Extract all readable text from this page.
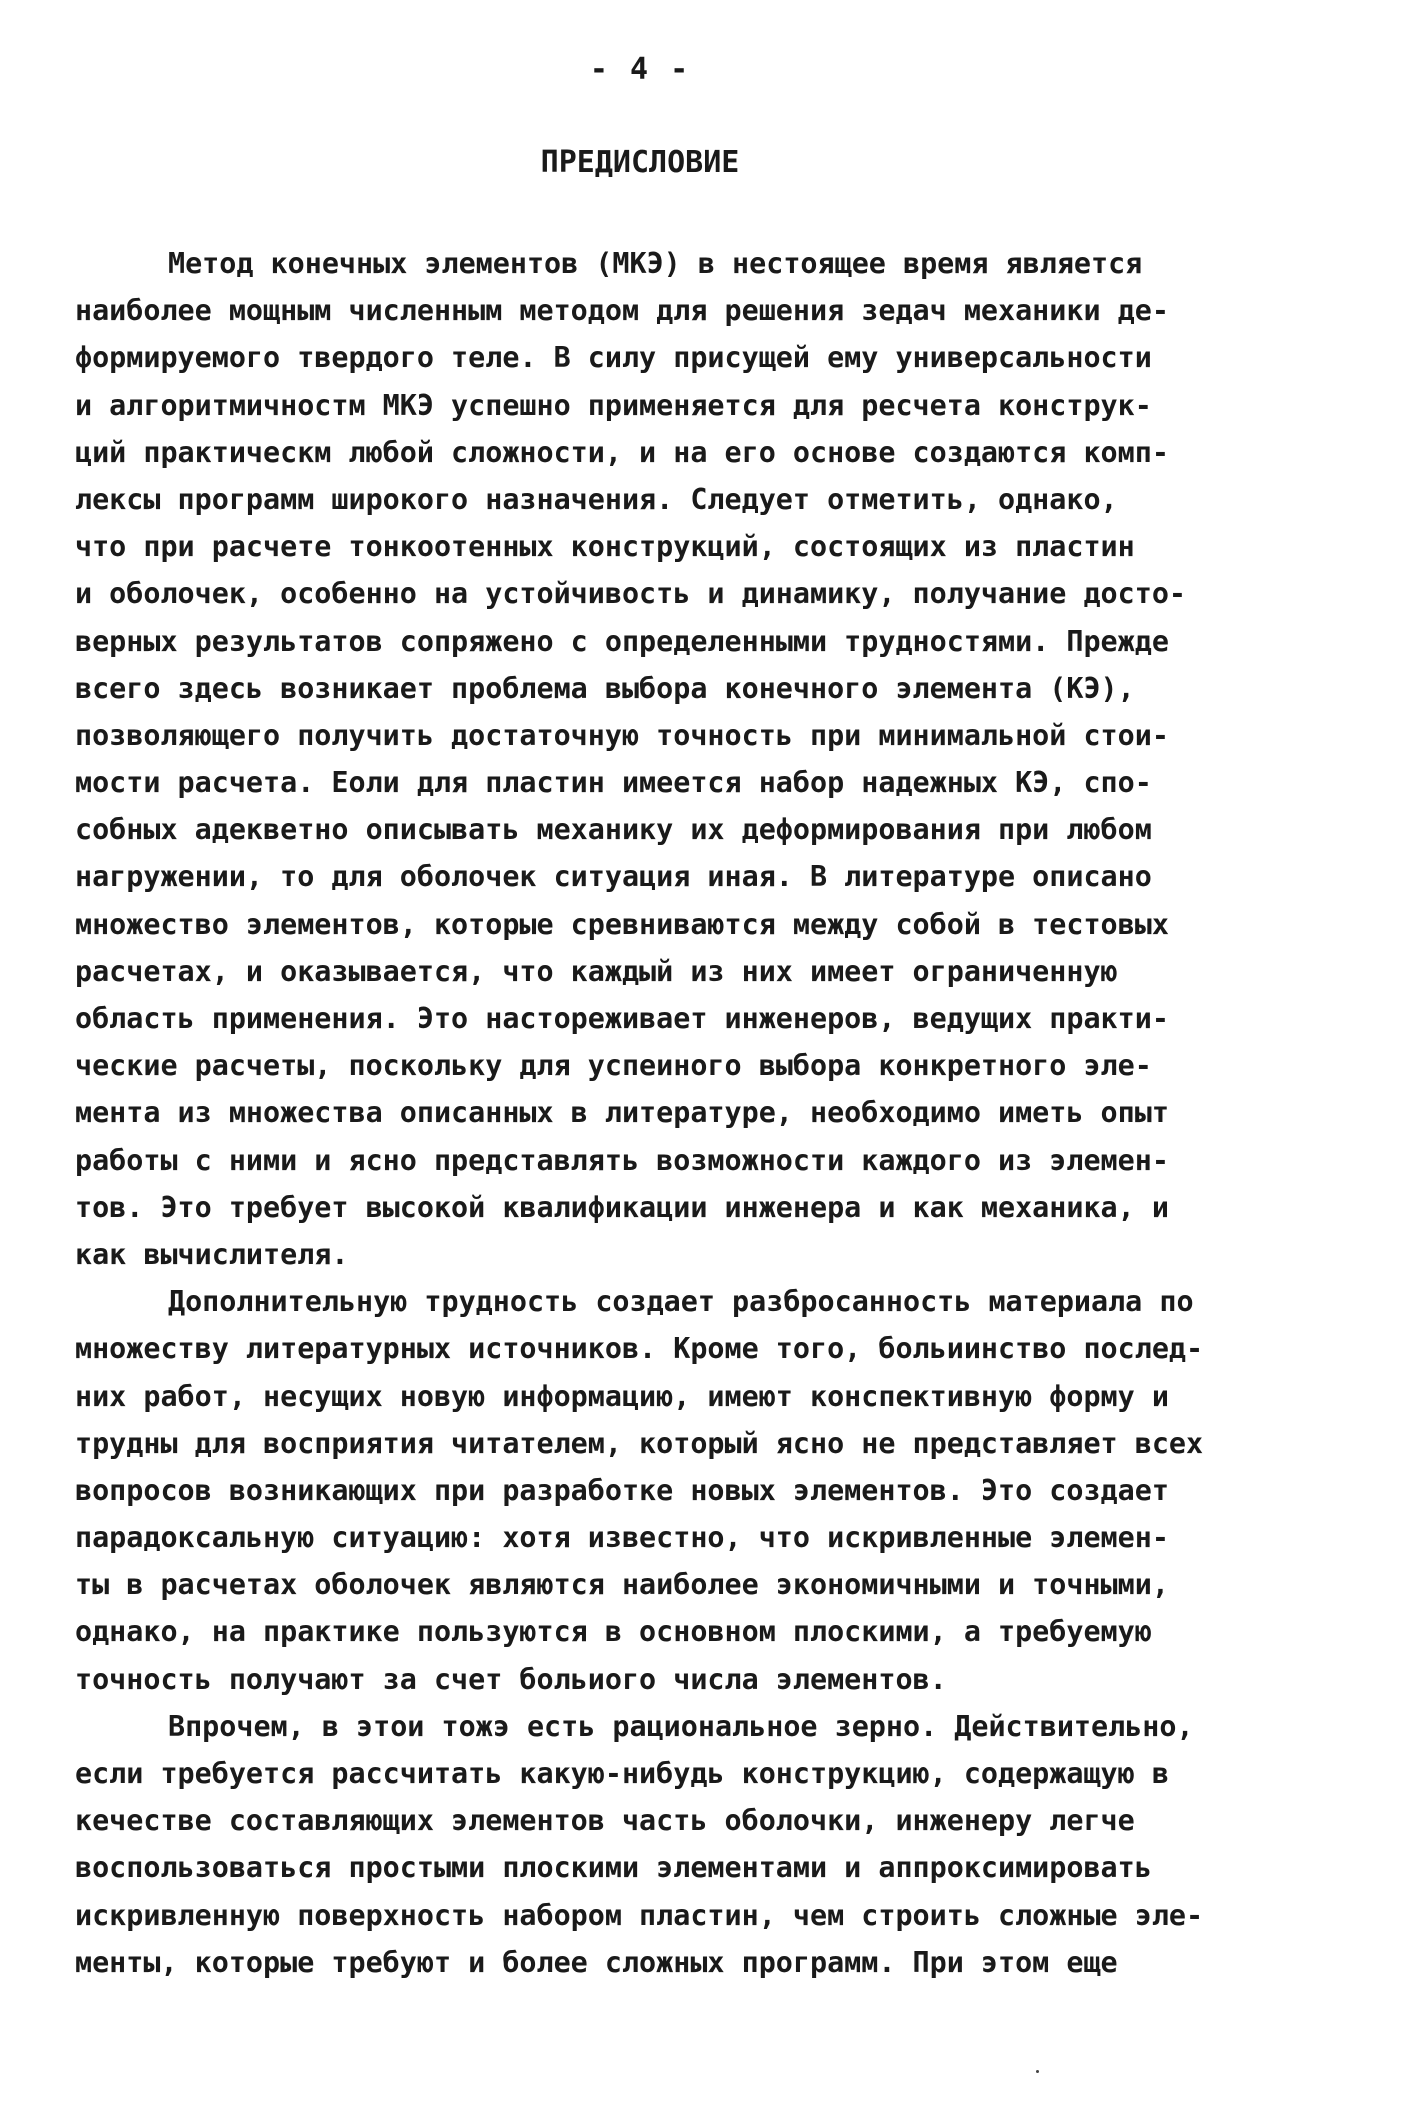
- 4 -
ПРЕДИСЛОВИЕ
Метод конечных элементов (МКЭ) в нестоящее время является
наиболее мощным численным методом для решения зедач механики де-
формируемого твердого теле. В силу присущей ему универсальности
и алгоритмичностм МКЭ успешно применяется для ресчета конструк-
ций практическм любой сложности, и на его основе создаются комп-
лексы программ широкого назначения. Следует отметить, однако,
что при расчете тонкоотенных конструкций, состоящих из пластин
и оболочек, особенно на устойчивость и динамику, получание досто-
верных результатов сопряжено с определенными трудностями. Прежде
всего здесь возникает проблема выбора конечного элемента (КЭ),
позволяющего получить достаточную точность при минимальной стои-
мости расчета. Еоли для пластин имеется набор надежных КЭ, спо-
собных адекветно описывать механику их деформирования при любом
нагружении, то для оболочек ситуация иная. В литературе описано
множество элементов, которые сревниваются между собой в тестовых
расчетах, и оказывается, что каждый из них имеет ограниченную
область применения. Это настореживает инженеров, ведущих практи-
ческие расчеты, поскольку для успеиного выбора конкретного эле-
мента из множества описанных в литературе, необходимо иметь опыт
работы с ними и ясно представлять возможности каждого из элемен-
тов. Это требует высокой квалификации инженера и как механика, и
как вычислителя.
Дополнительную трудность создает разбросанность материала по
множеству литературных источников. Кроме того, больиинство послед-
них работ, несущих новую информацию, имеют конспективную форму и
трудны для восприятия читателем, который ясно не представляет всех
вопросов возникающих при разработке новых элементов. Это создает
парадоксальную ситуацию: хотя известно, что искривленные элемен-
ты в расчетах оболочек являются наиболее экономичными и точными,
однако, на практике пользуются в основном плоскими, а требуемую
точность получают за счет больиого числа элементов.
Впрочем, в этои тожэ есть рациональное зерно. Действительно,
если требуется рассчитать какую-нибудь конструкцию, содержащую в
кечестве составляющих элементов часть оболочки, инженеру легче
воспользоваться простыми плоскими элементами и аппроксимировать
искривленную поверхность набором пластин, чем строить сложные эле-
менты, которые требуют и более сложных программ. При этом еще
